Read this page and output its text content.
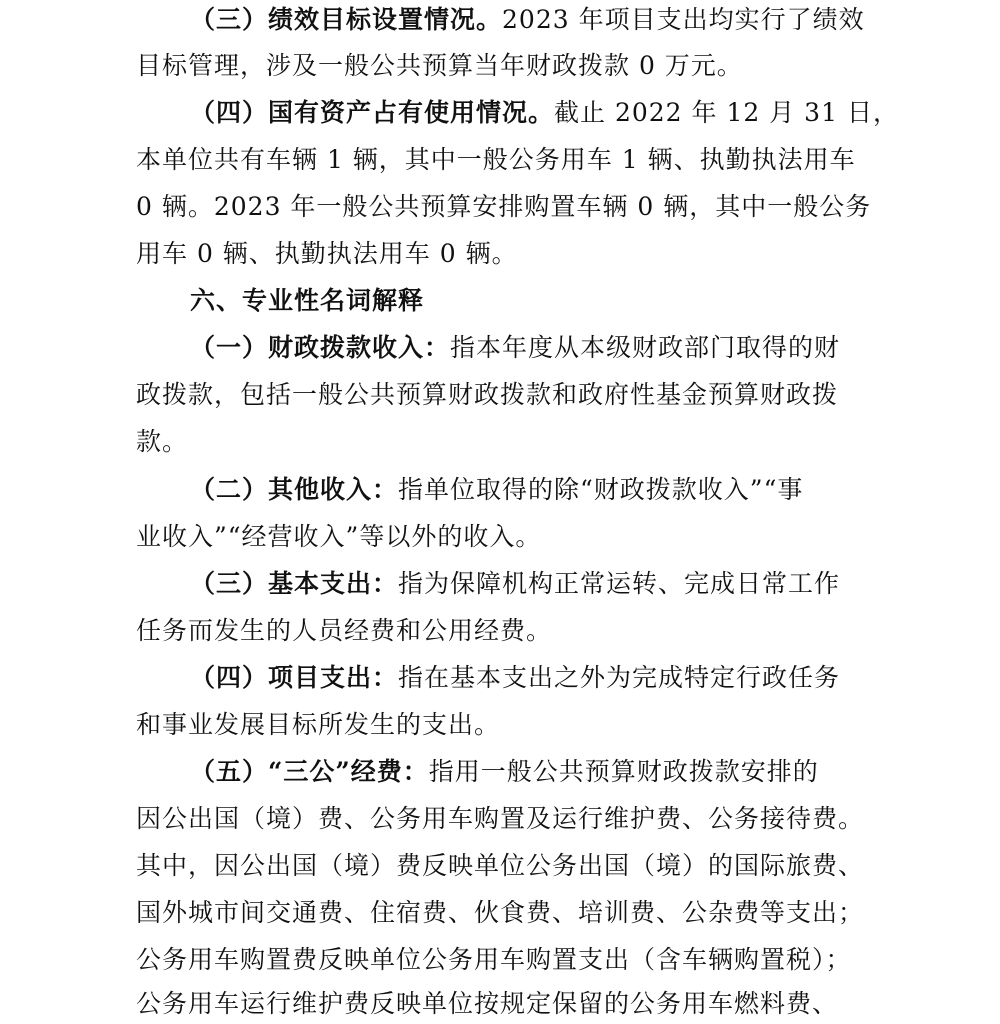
（三）绩效目标设置情况。2023 年项目支出均实行了绩效
目标管理，涉及一般公共预算当年财政拨款 0 万元。
（四）国有资产占有使用情况。截止 2022 年 12 月 31 日，
本单位共有车辆 1 辆，其中一般公务用车 1 辆、执勤执法用车
0 辆。2023 年一般公共预算安排购置车辆 0 辆，其中一般公务
用车 0 辆、执勤执法用车 0 辆。
六、专业性名词解释
（一）财政拨款收入：指本年度从本级财政部门取得的财
政拨款，包括一般公共预算财政拨款和政府性基金预算财政拨
款。
（二）其他收入：指单位取得的除“财政拨款收入”“事
业收入”“经营收入”等以外的收入。
（三）基本支出：指为保障机构正常运转、完成日常工作
任务而发生的人员经费和公用经费。
（四）项目支出：指在基本支出之外为完成特定行政任务
和事业发展目标所发生的支出。
（五）“三公”经费：指用一般公共预算财政拨款安排的
因公出国（境）费、公务用车购置及运行维护费、公务接待费。
其中，因公出国（境）费反映单位公务出国（境）的国际旅费、
国外城市间交通费、住宿费、伙食费、培训费、公杂费等支出；
公务用车购置费反映单位公务用车购置支出（含车辆购置税）；
公务用车运行维护费反映单位按规定保留的公务用车燃料费、
